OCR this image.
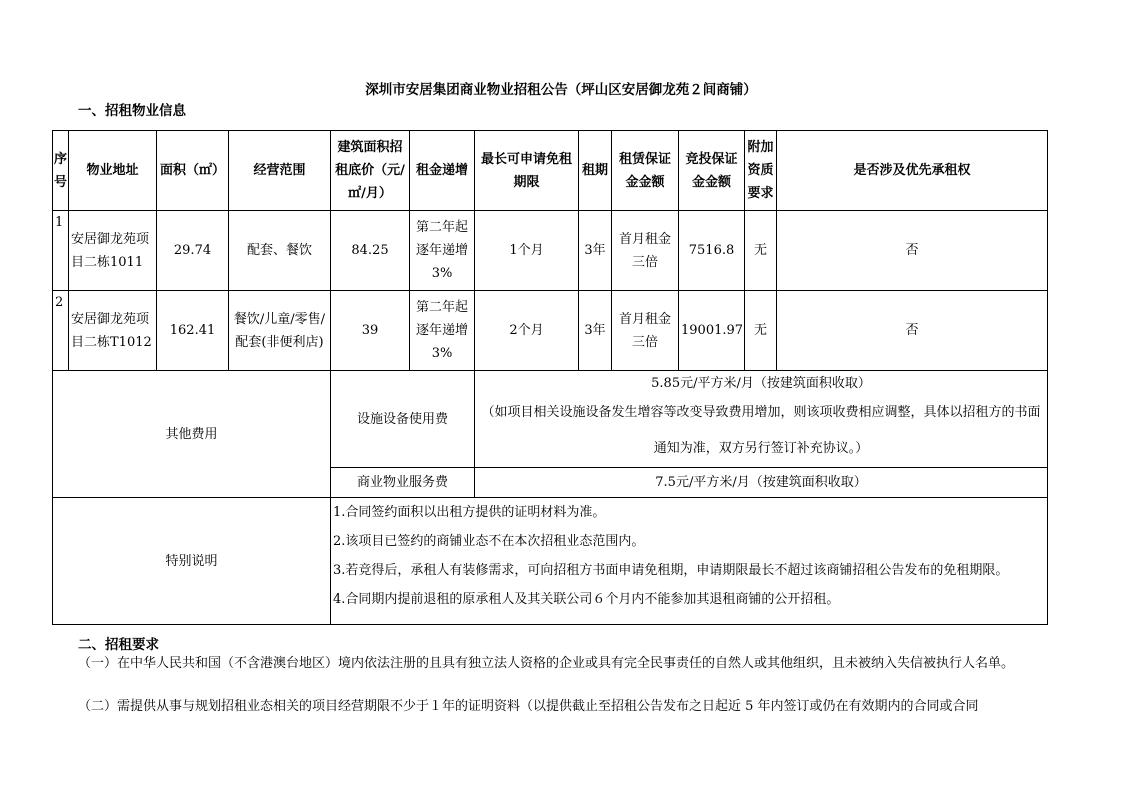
深圳市安居集团商业物业招租公告（坪山区安居御龙苑２间商铺）
一、招租物业信息
序号	物业地址	面积（㎡）	经营范围	建筑面积招租底价（元/㎡/月）	租金递增	最长可申请免租期限	租期	租赁保证金金额	竞投保证金金额	附加资质要求	是否涉及优先承租权
1	安居御龙苑项目二栋1011	29.74	配套、餐饮	84.25	第二年起逐年递增3%	1个月	3年	首月租金三倍	7516.8	无	否
2	安居御龙苑项目二栋T1012	162.41	餐饮/儿童/零售/配套(非便利店)	39	第二年起逐年递增3%	2个月	3年	首月租金三倍	19001.97	无	否
其他费用				设施设备使用费		5.85元/平方米/月（按建筑面积收取）
（如项目相关设施设备发生增容等改变导致费用增加，则该项收费相应调整，具体以招租方的书面通知为准，双方另行签订补充协议。）					

				商业物业服务费		7.5元/平方米/月（按建筑面积收取）					
特别说明				1.合同签约面积以出租方提供的证明材料为准。
2.该项目已签约的商铺业态不在本次招租业态范围内。
3.若竞得后，承租人有装修需求，可向招租方书面申请免租期，申请期限最长不超过该商铺招租公告发布的免租期限。
4.合同期内提前退租的原承租人及其关联公司６个月内不能参加其退租商铺的公开招租。							
二、招租要求
（一）在中华人民共和国（不含港澳台地区）境内依法注册的且具有独立法人资格的企业或具有完全民事责任的自然人或其他组织，且未被纳入失信被执行人名单。
（二）需提供从事与规划招租业态相关的项目经营期限不少于１年的证明资料（以提供截止至招租公告发布之日起近 5 年内签订或仍在有效期内的合同或合同
